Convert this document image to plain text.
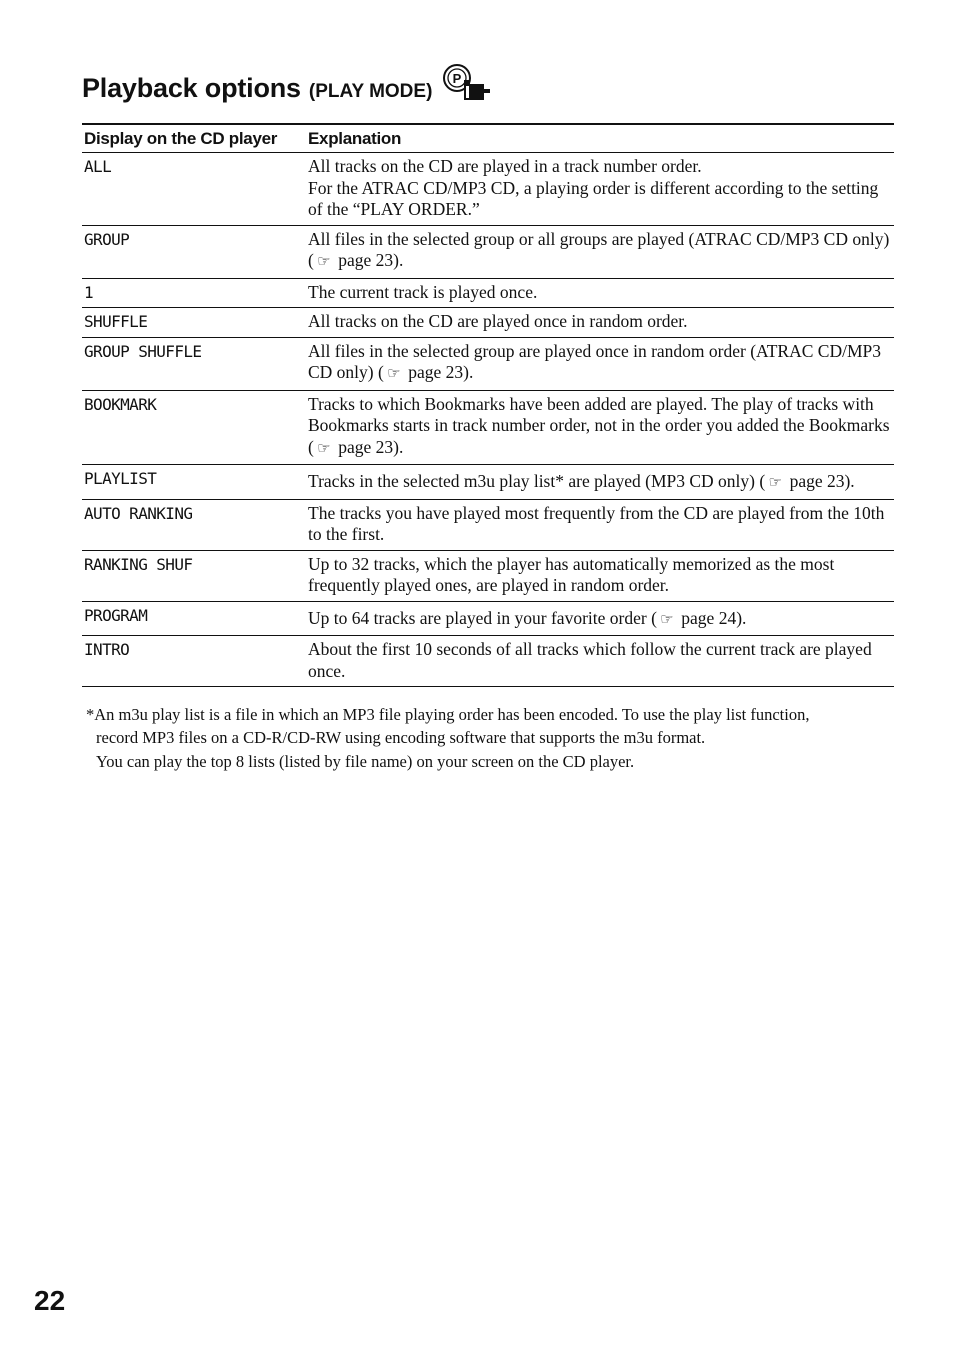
Playback options (PLAY MODE)
P
Display on the CD player	Explanation
ALL	All tracks on the CD are played in a track number order.
For the ATRAC CD/MP3 CD, a playing order is different according to the setting of the “PLAY ORDER.”
GROUP	All files in the selected group or all groups are played (ATRAC CD/MP3 CD only) ( ☞ page 23).
1	The current track is played once.
SHUFFLE	All tracks on the CD are played once in random order.
GROUP SHUFFLE	All files in the selected group are played once in random order (ATRAC CD/MP3 CD only) ( ☞ page 23).
BOOKMARK	Tracks to which Bookmarks have been added are played. The play of tracks with Bookmarks starts in track number order, not in the order you added the Bookmarks ( ☞ page 23).
PLAYLIST	Tracks in the selected m3u play list* are played (MP3 CD only) ( ☞ page 23).
AUTO RANKING	The tracks you have played most frequently from the CD are played from the 10th to the first.
RANKING SHUF	Up to 32 tracks, which the player has automatically memorized as the most frequently played ones, are played in random order.
PROGRAM	Up to 64 tracks are played in your favorite order ( ☞ page 24).
INTRO	About the first 10 seconds of all tracks which follow the current track are played once.
*An m3u play list is a file in which an MP3 file playing order has been encoded. To use the play list function,
record MP3 files on a CD-R/CD-RW using encoding software that supports the m3u format.
You can play the top 8 lists (listed by file name) on your screen on the CD player.
22
